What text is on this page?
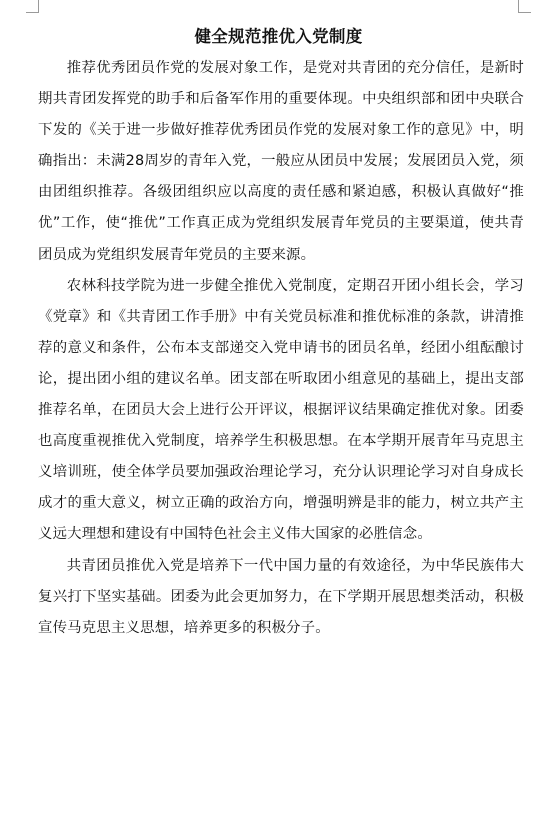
健全规范推优入党制度

推荐优秀团员作党的发展对象工作，是党对共青团的充分信任，是新时期共青团发挥党的助手和后备军作用的重要体现。中央组织部和团中央联合下发的《关于进一步做好推荐优秀团员作党的发展对象工作的意见》中，明确指出：未满28周岁的青年入党，一般应从团员中发展；发展团员入党，须由团组织推荐。各级团组织应以高度的责任感和紧迫感，积极认真做好“推优”工作，使“推优”工作真正成为党组织发展青年党员的主要渠道，使共青团员成为党组织发展青年党员的主要来源。

农林科技学院为进一步健全推优入党制度，定期召开团小组长会，学习《党章》和《共青团工作手册》中有关党员标准和推优标准的条款，讲清推荐的意义和条件，公布本支部递交入党申请书的团员名单，经团小组酝酿讨论，提出团小组的建议名单。团支部在听取团小组意见的基础上，提出支部推荐名单，在团员大会上进行公开评议，根据评议结果确定推优对象。团委也高度重视推优入党制度，培养学生积极思想。在本学期开展青年马克思主义培训班，使全体学员要加强政治理论学习，充分认识理论学习对自身成长成才的重大意义，树立正确的政治方向，增强明辨是非的能力，树立共产主义远大理想和建设有中国特色社会主义伟大国家的必胜信念。

共青团员推优入党是培养下一代中国力量的有效途径，为中华民族伟大复兴打下坚实基础。团委为此会更加努力，在下学期开展思想类活动，积极宣传马克思主义思想，培养更多的积极分子。
